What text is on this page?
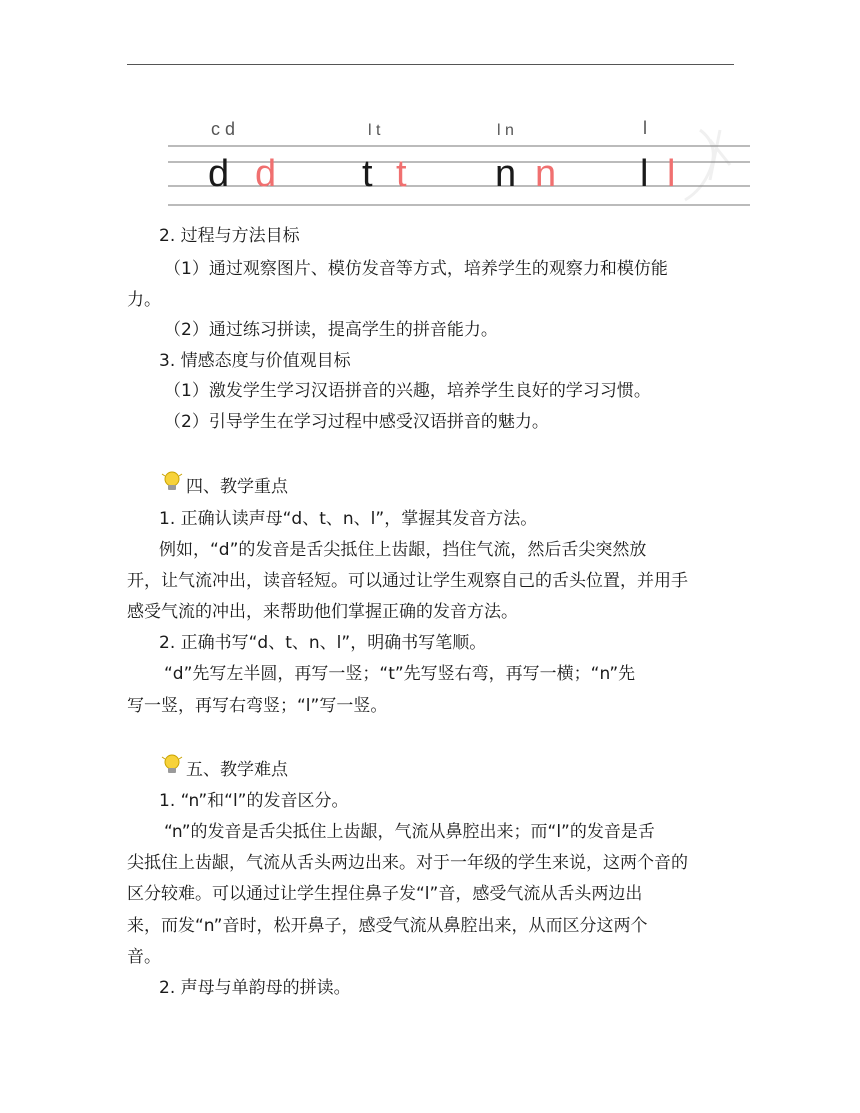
c d	l t	l n	l
d d t t n n l l
2. 过程与方法目标
（1）通过观察图片、模仿发音等方式，培养学生的观察力和模仿能
力。
（2）通过练习拼读，提高学生的拼音能力。
3. 情感态度与价值观目标
（1）激发学生学习汉语拼音的兴趣，培养学生良好的学习习惯。
（2）引导学生在学习过程中感受汉语拼音的魅力。
四、教学重点
1. 正确认读声母“d、t、n、l”，掌握其发音方法。
例如，“d”的发音是舌尖抵住上齿龈，挡住气流，然后舌尖突然放
开，让气流冲出，读音轻短。可以通过让学生观察自己的舌头位置，并用手
感受气流的冲出，来帮助他们掌握正确的发音方法。
2. 正确书写“d、t、n、l”，明确书写笔顺。
“d”先写左半圆，再写一竖；“t”先写竖右弯，再写一横；“n”先
写一竖，再写右弯竖；“l”写一竖。
五、教学难点
1. “n”和“l”的发音区分。
“n”的发音是舌尖抵住上齿龈，气流从鼻腔出来；而“l”的发音是舌
尖抵住上齿龈，气流从舌头两边出来。对于一年级的学生来说，这两个音的
区分较难。可以通过让学生捏住鼻子发“l”音，感受气流从舌头两边出
来，而发“n”音时，松开鼻子，感受气流从鼻腔出来，从而区分这两个
音。
2. 声母与单韵母的拼读。
